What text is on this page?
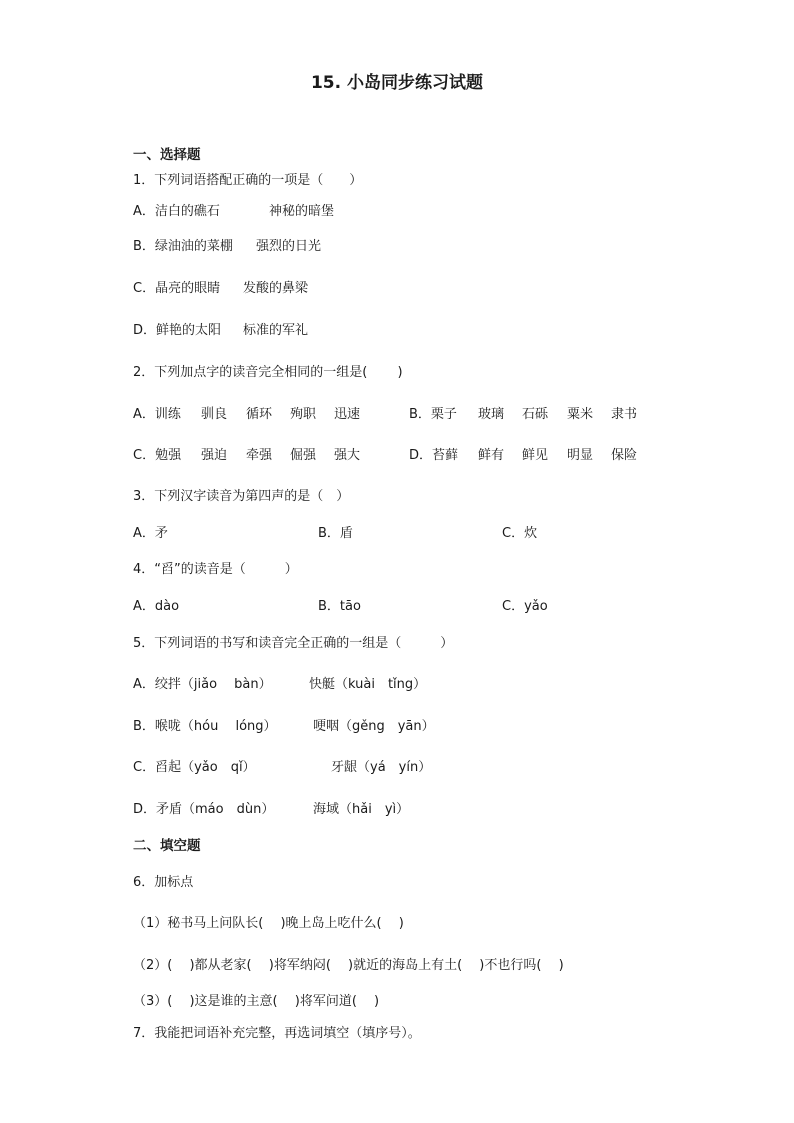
15. 小岛同步练习试题
一、选择题
1．下列词语搭配正确的一项是（　　）
A．洁白的礁石	神秘的暗堡
B．绿油油的菜棚 强烈的日光
C．晶亮的眼睛 发酸的鼻梁
D．鲜艳的太阳 标准的军礼
2．下列加点字的读音完全相同的一组是(　　 )
A．训练 驯良 循环 殉职 迅速	B．栗子 玻璃 石砾 粟米 隶书
C．勉强 强迫 牵强 倔强 强大	D．苔藓 鲜有 鲜见 明显 保险
3．下列汉字读音为第四声的是（　）
A．矛	B．盾	C．炊
4．“舀”的读音是（　　　）
A．dào	B．tāo	C．yǎo
5．下列词语的书写和读音完全正确的一组是（　　　）
A．绞拌（jiǎo　 bàn）	快艇（kuài　tǐng）
B．喉咙（hóu　 lóng）	哽咽（gěng　yān）
C．舀起（yǎo　qǐ）	牙龈（yá　yín）
D．矛盾（máo　dùn）	海域（hǎi　yì）
二、填空题
6．加标点
（1）秘书马上问队长(　 )晚上岛上吃什么(　 )
（2）(　 )都从老家(　 )将军纳闷(　 )就近的海岛上有土(　 )不也行吗(　 )
（3）(　 )这是谁的主意(　 )将军问道(　 )
7．我能把词语补充完整，再选词填空（填序号）。
